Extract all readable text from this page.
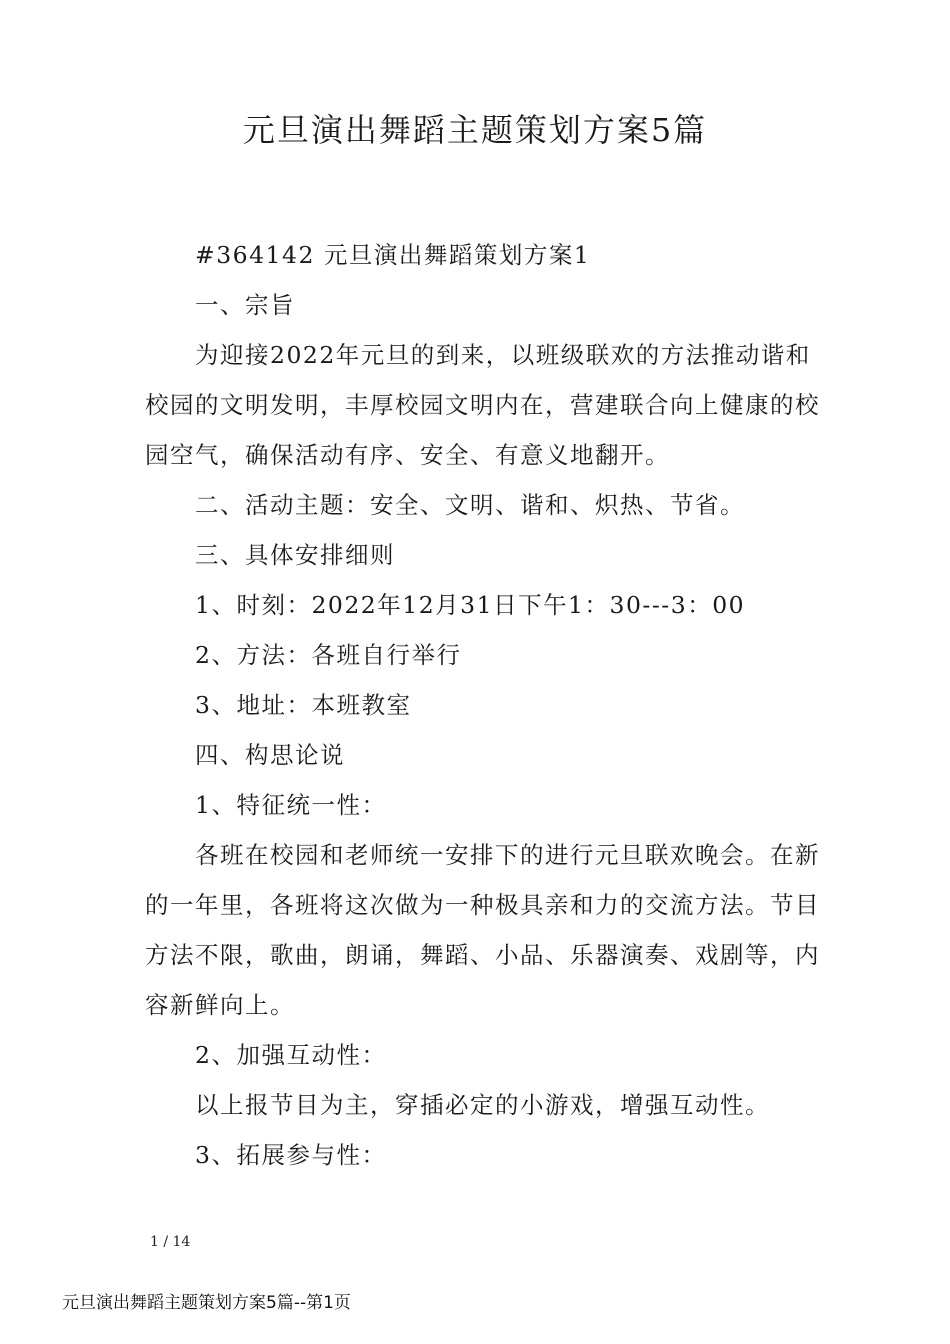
元旦演出舞蹈主题策划方案5篇

#364142 元旦演出舞蹈策划方案1

一、宗旨

为迎接2022年元旦的到来，以班级联欢的方法推动谐和校园的文明发明，丰厚校园文明内在，营建联合向上健康的校园空气，确保活动有序、安全、有意义地翻开。

二、活动主题：安全、文明、谐和、炽热、节省。

三、具体安排细则

1、时刻：2022年12月31日下午1：30---3：00

2、方法：各班自行举行

3、地址：本班教室

四、构思论说

1、特征统一性：

各班在校园和老师统一安排下的进行元旦联欢晚会。在新的一年里，各班将这次做为一种极具亲和力的交流方法。节目方法不限，歌曲，朗诵，舞蹈、小品、乐器演奏、戏剧等，内容新鲜向上。

2、加强互动性：

以上报节目为主，穿插必定的小游戏，增强互动性。

3、拓展参与性：

1 / 14
元旦演出舞蹈主题策划方案5篇--第1页
